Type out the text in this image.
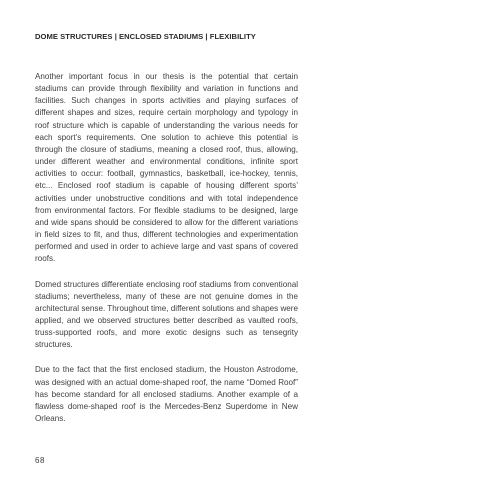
DOME STRUCTURES | ENCLOSED STADIUMS | FLEXIBILITY

Another important focus in our thesis is the potential that certain stadiums can provide through flexibility and variation in functions and facilities. Such changes in sports activities and playing surfaces of different shapes and sizes, require certain morphology and typology in roof structure which is capable of understanding the various needs for each sport’s requirements. One solution to achieve this potential is through the closure of stadiums, meaning a closed roof, thus, allowing, under different weather and environmental conditions, infinite sport activities to occur: football, gymnastics, basketball, ice-hockey, tennis, etc... Enclosed roof stadium is capable of housing different sports’ activities under unobstructive conditions and with total independence from environmental factors. For flexible stadiums to be designed, large and wide spans should be considered to allow for the different variations in field sizes to fit, and thus, different technologies and experimentation performed and used in order to achieve large and vast spans of covered roofs.

Domed structures differentiate enclosing roof stadiums from conventional stadiums; nevertheless, many of these are not genuine domes in the architectural sense. Throughout time, different solutions and shapes were applied, and we observed structures better described as vaulted roofs, truss-supported roofs, and more exotic designs such as tensegrity structures.

Due to the fact that the first enclosed stadium, the Houston Astrodome, was designed with an actual dome-shaped roof, the name “Domed Roof” has become standard for all enclosed stadiums. Another example of a flawless dome-shaped roof is the Mercedes-Benz Superdome in New Orleans.

68
